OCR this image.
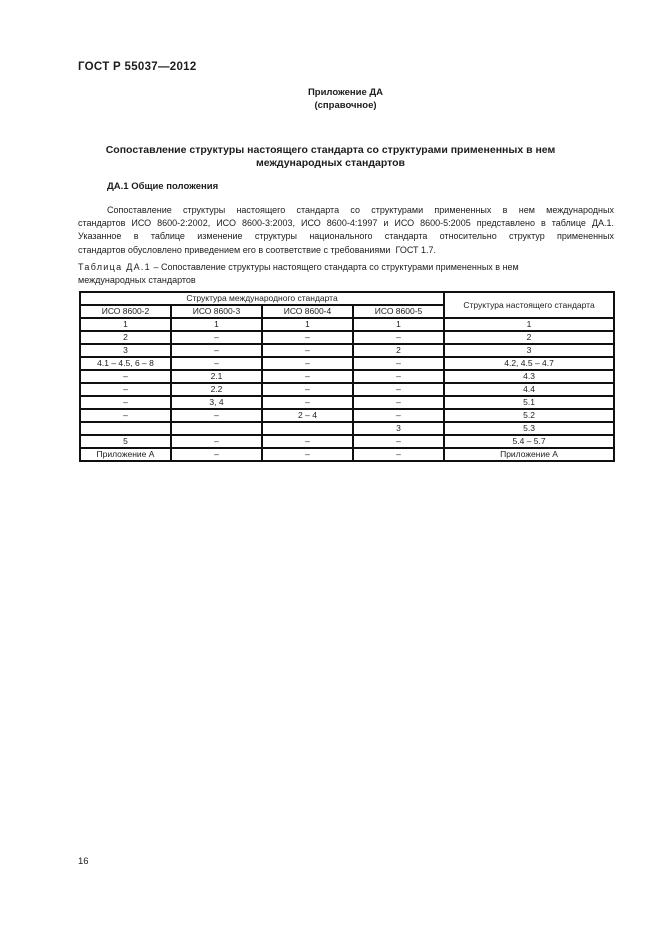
ГОСТ Р 55037—2012
Приложение ДА
(справочное)
Сопоставление структуры настоящего стандарта со структурами примененных в нем
международных стандартов
ДА.1 Общие положения
Сопоставление структуры настоящего стандарта со структурами примененных в нем международных
стандартов ИСО 8600-2:2002, ИСО 8600-3:2003, ИСО 8600-4:1997 и ИСО 8600-5:2005 представлено в таблице ДА.1.
Указанное в таблице изменение структуры национального стандарта относительно структур примененных
стандартов обусловлено приведением его в соответствие с требованиями  ГОСТ 1.7.
Таблица ДА.1 – Сопоставление структуры настоящего стандарта со структурами примененных в нем
международных стандартов
Структура международного стандарта				Структура настоящего стандарта
ИСО 8600-2	ИСО 8600-3	ИСО 8600-4	ИСО 8600-5	
1	1	1	1	1
2	–	–	–	2
3	–	–	2	3
4.1 – 4.5, 6 – 8	–	–	–	4.2, 4.5 – 4.7
–	2.1	–	–	4.3
–	2.2	–	–	4.4
–	3, 4	–	–	5.1
–	–	2 – 4	–	5.2
			3	5.3
5	–	–	–	5.4 – 5.7
Приложение А	–	–	–	Приложение А
16
